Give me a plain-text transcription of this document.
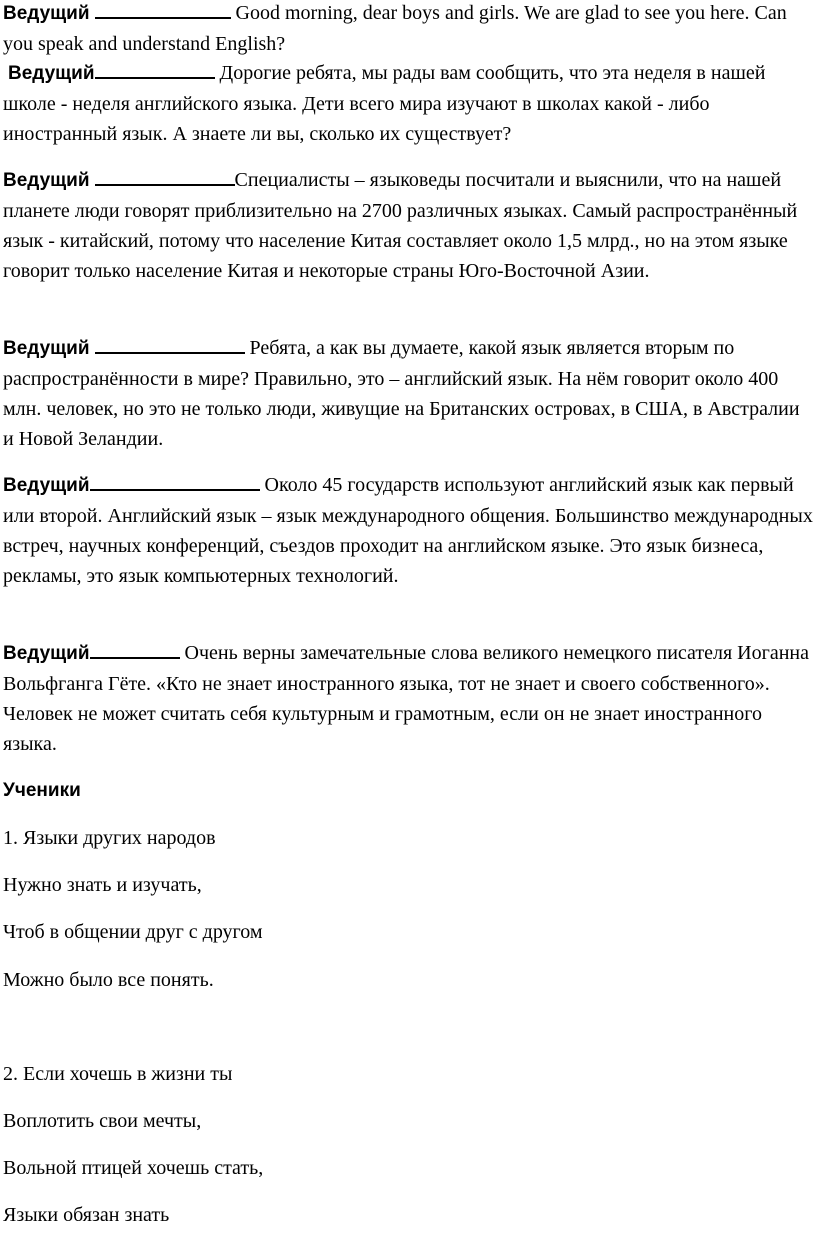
Ведущий	Good morning, dear boys and girls. We are glad to see you here. Can you speak and understand English?

Ведущий	Дорогие ребята, мы рады вам сообщить, что эта неделя в нашей школе - неделя английского языка. Дети всего мира изучают в школах какой - либо иностранный язык. А знаете ли вы, сколько их существует?

Ведущий	Специалисты – языковеды посчитали и выяснили, что на нашей планете люди говорят приблизительно на 2700 различных языках. Самый распространённый язык - китайский, потому что население Китая составляет около 1,5 млрд., но на этом языке говорит только население Китая и некоторые страны Юго-Восточной Азии.

Ведущий	Ребята, а как вы думаете, какой язык является вторым по распространённости в мире? Правильно, это – английский язык. На нём говорит около 400 млн. человек, но это не только люди, живущие на Британских островах, в США, в Австралии и Новой Зеландии.

Ведущий	Около 45 государств используют английский язык как первый или второй. Английский язык – язык международного общения. Большинство международных встреч, научных конференций, съездов проходит на английском языке. Это язык бизнеса, рекламы, это язык компьютерных технологий.

Ведущий	Очень верны замечательные слова великого немецкого писателя Иоганна Вольфганга Гёте. «Кто не знает иностранного языка, тот не знает и своего собственного». Человек не может считать себя культурным и грамотным, если он не знает иностранного языка.

Ученики

1. Языки других народов

Нужно знать и изучать,

Чтоб в общении друг с другом

Можно было все понять.

2. Если хочешь в жизни ты

Воплотить свои мечты,

Вольной птицей хочешь стать,

Языки обязан знать
